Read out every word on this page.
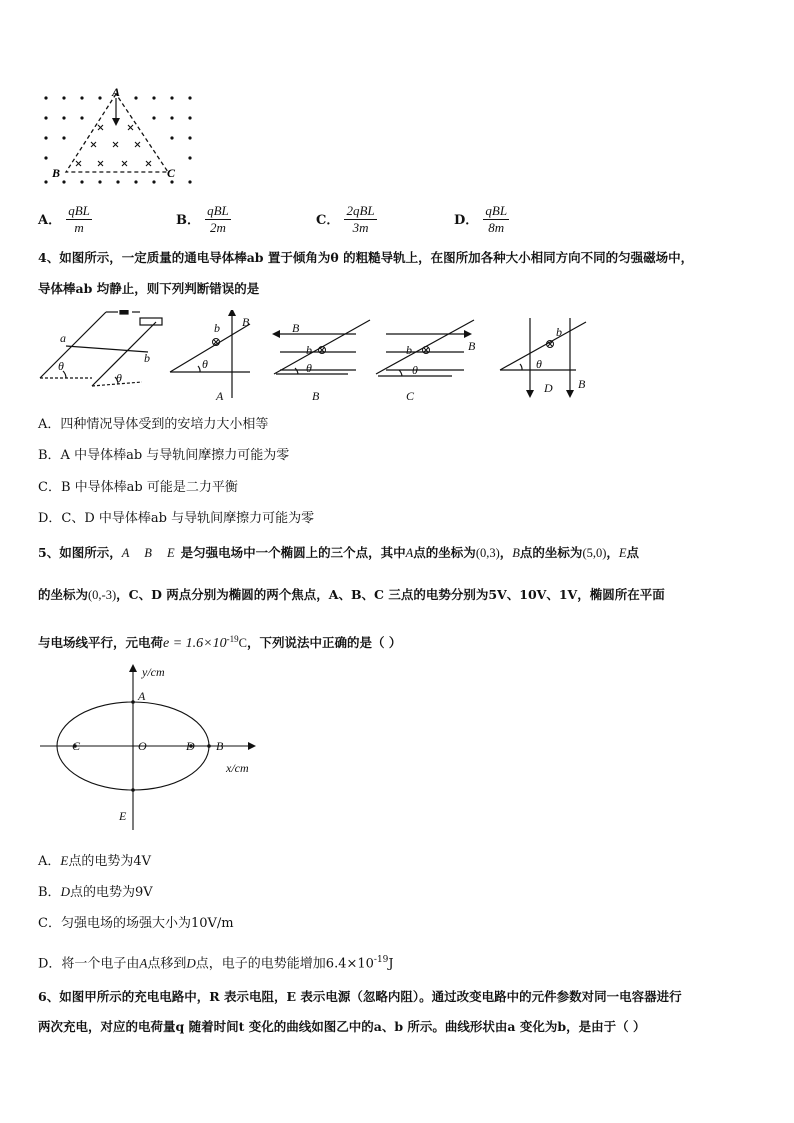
A
B	C
A． $\frac{\text{qBL}}{m}$	B． $\frac{\text{qBL}}{2m}$	C． $\frac{\text{2qBL}}{3m}$	D． $\frac{\text{qBL}}{8m}$
4、如图所示，一定质量的通电导体棒ab 置于倾角为θ 的粗糙导轨上，在图所加各种大小相同方向不同的匀强磁场中，
导体棒ab 均静止，则下列判断错误的是
a
b
θ
θ
b B
θ
A
B
b
θ
B
b	B
θ
C
b
θ
D B
A．四种情况导体受到的安培力大小相等
B．A 中导体棒ab 与导轨间摩擦力可能为零
C．B 中导体棒ab 可能是二力平衡
D．C、D 中导体棒ab 与导轨间摩擦力可能为零
5、如图所示，A B E是匀强电场中一个椭圆上的三个点，其中A点的坐标为(0,3)，B点的坐标为(5,0)，E点
的坐标为(0,-3)，C、D 两点分别为椭圆的两个焦点，A、B、C 三点的电势分别为5V、10V、1V，椭圆所在平面
与电场线平行，元电荷$e = 1.6\times 10^{-19}C$，下列说法中正确的是（ ）
y/cm
x/cm
A
B
C	D
O
E
A．E点的电势为4V
B．D点的电势为9V
C．匀强电场的场强大小为10V/m
D．将一个电子由A点移到D点，电子的电势能增加$6.4\times 10^{-19}J$
6、如图甲所示的充电电路中，R 表示电阻，E 表示电源（忽略内阻）。通过改变电路中的元件参数对同一电容器进行
两次充电，对应的电荷量q 随着时间t 变化的曲线如图乙中的a、b 所示。曲线形状由a 变化为b，是由于（ ）
